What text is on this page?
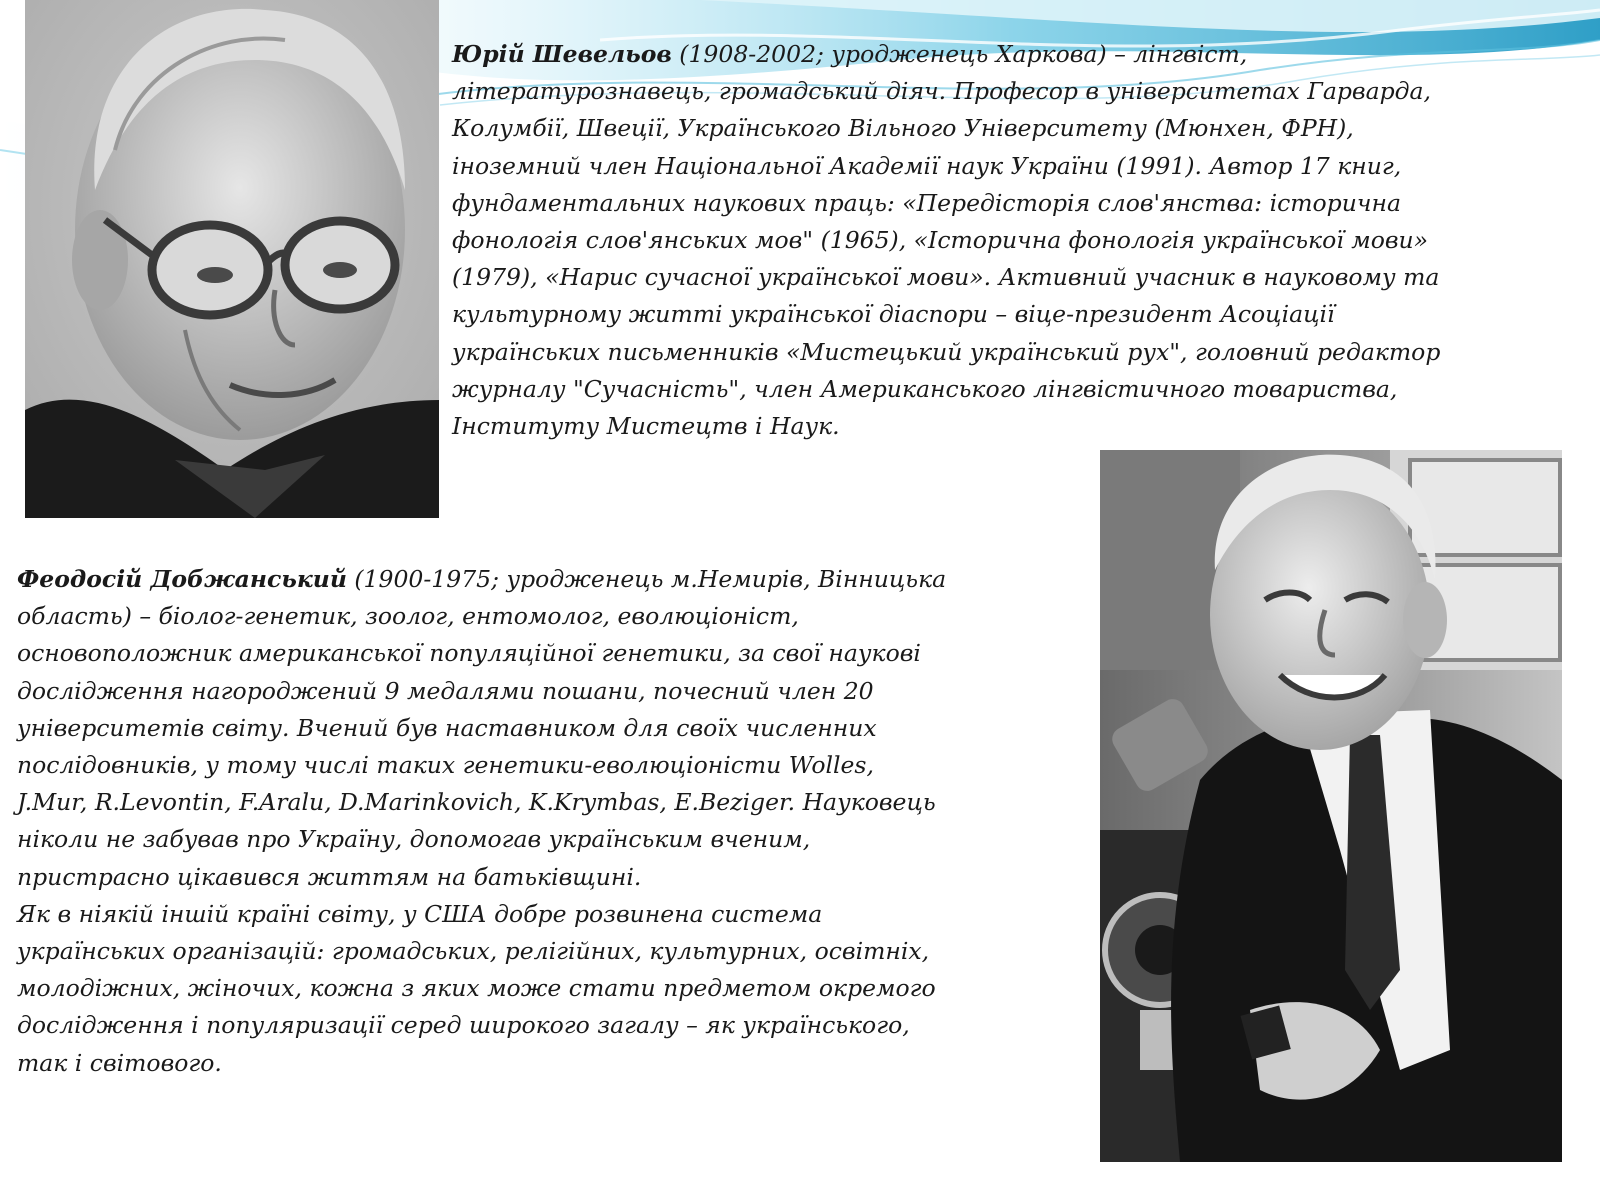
Юрій Шевельов (1908-2002; уродженець Харкова) – лінгвіст,
літературознавець, громадський діяч. Професор в університетах Гарварда,
Колумбії, Швеції, Українського Вільного Університету (Мюнхен, ФРН),
іноземний член Національної Академії наук України (1991). Автор 17 книг,
фундаментальних наукових праць: «Передісторія слов'янства: історична
фонологія слов'янських мов" (1965), «Історична фонологія української мови»
(1979), «Нарис сучасної української мови». Активний учасник в науковому та
культурному житті української діаспори – віце-президент Асоціації
українських письменників «Мистецький український рух", головний редактор
журналу "Сучасність", член Американського лінгвістичного товариства,
Інституту Мистецтв і Наук.
Феодосій Добжанський (1900-1975; уродженець м.Немирів, Вінницька
область) – біолог-генетик, зоолог, ентомолог, еволюціоніст,
основоположник американської популяційної генетики, за свої наукові
дослідження нагороджений 9 медалями пошани, почесний член 20
університетів світу. Вчений був наставником для своїх численних
послідовників, у тому числі таких генетики-еволюціоністи Wolles,
J.Mur, R.Levontin, F.Aralu, D.Marinkovich, K.Krymbas, E.Beziger. Науковець
ніколи не забував про Україну, допомогав українським вченим,
пристрасно цікавився життям на батьківщині.
Як в ніякій іншій країні світу, у США добре розвинена система
українських організацій: громадських, релігійних, культурних, освітніх,
молодіжних, жіночих, кожна з яких може стати предметом окремого
дослідження і популяризації серед широкого загалу – як українського,
так і світового.
